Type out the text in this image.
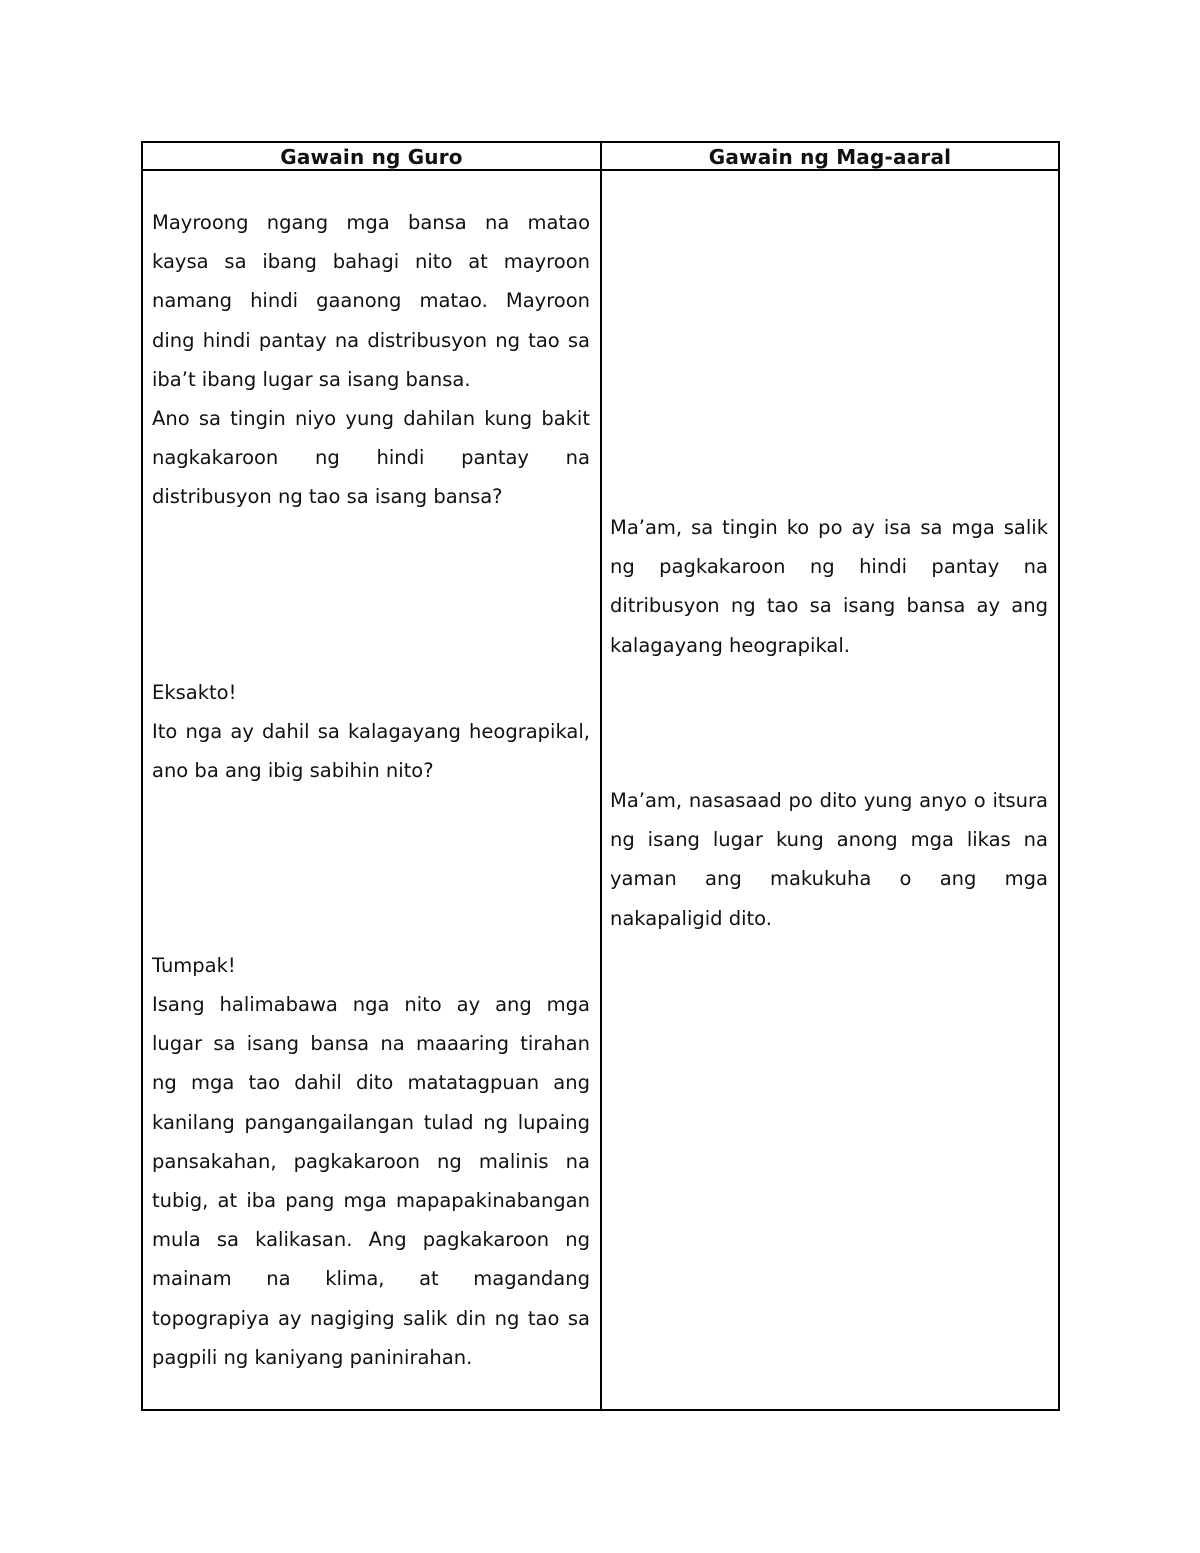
Gawain ng Guro	Gawain ng Mag-aaral

Mayroong ngang mga bansa na matao kaysa sa ibang bahagi nito at mayroon namang hindi gaanong matao. Mayroon ding hindi pantay na distribusyon ng tao sa iba’t ibang lugar sa isang bansa.

Ano sa tingin niyo yung dahilan kung bakit nagkakaroon ng hindi pantay na distribusyon ng tao sa isang bansa?

Eksakto!

Ito nga ay dahil sa kalagayang heograpikal, ano ba ang ibig sabihin nito?

Tumpak!

Isang halimabawa nga nito ay ang mga lugar sa isang bansa na maaaring tirahan ng mga tao dahil dito matatagpuan ang kanilang pangangailangan tulad ng lupaing pansakahan, pagkakaroon ng malinis na tubig, at iba pang mga mapapakinabangan mula sa kalikasan. Ang pagkakaroon ng mainam na klima, at magandang topograpiya ay nagiging salik din ng tao sa pagpili ng kaniyang paninirahan.

Ma’am, sa tingin ko po ay isa sa mga salik ng pagkakaroon ng hindi pantay na ditribusyon ng tao sa isang bansa ay ang kalagayang heograpikal.

Ma’am, nasasaad po dito yung anyo o itsura ng isang lugar kung anong mga likas na yaman ang makukuha o ang mga nakapaligid dito.
